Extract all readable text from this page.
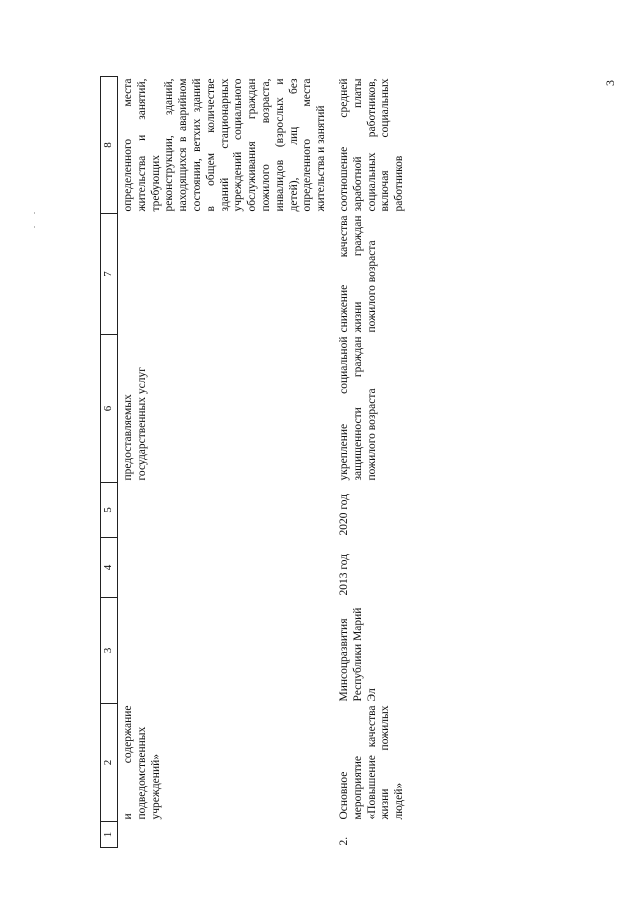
3
1	2	3	4	5	6	7	8
	и содержание подведомственных учреждений»				предоставляемых государственных услуг		определенного места жительства и занятий, требующих реконструкции, зданий, находящихся в аварийном состоянии, ветхих зданий в общем количестве зданий стационарных учреждений социального обслуживания граждан пожилого возраста, инвалидов (взрослых и детей), лиц без определенного места жительства и занятий
2.	Основное мероприятие «Повышение качества жизни пожилых людей»	Минсоцразвития Республики Марий Эл	2013 год	2020 год	укрепление социальной защищенности граждан пожилого возраста	снижение качества жизни граждан пожилого возраста	соотношение средней заработной платы социальных работников, включая социальных работников
